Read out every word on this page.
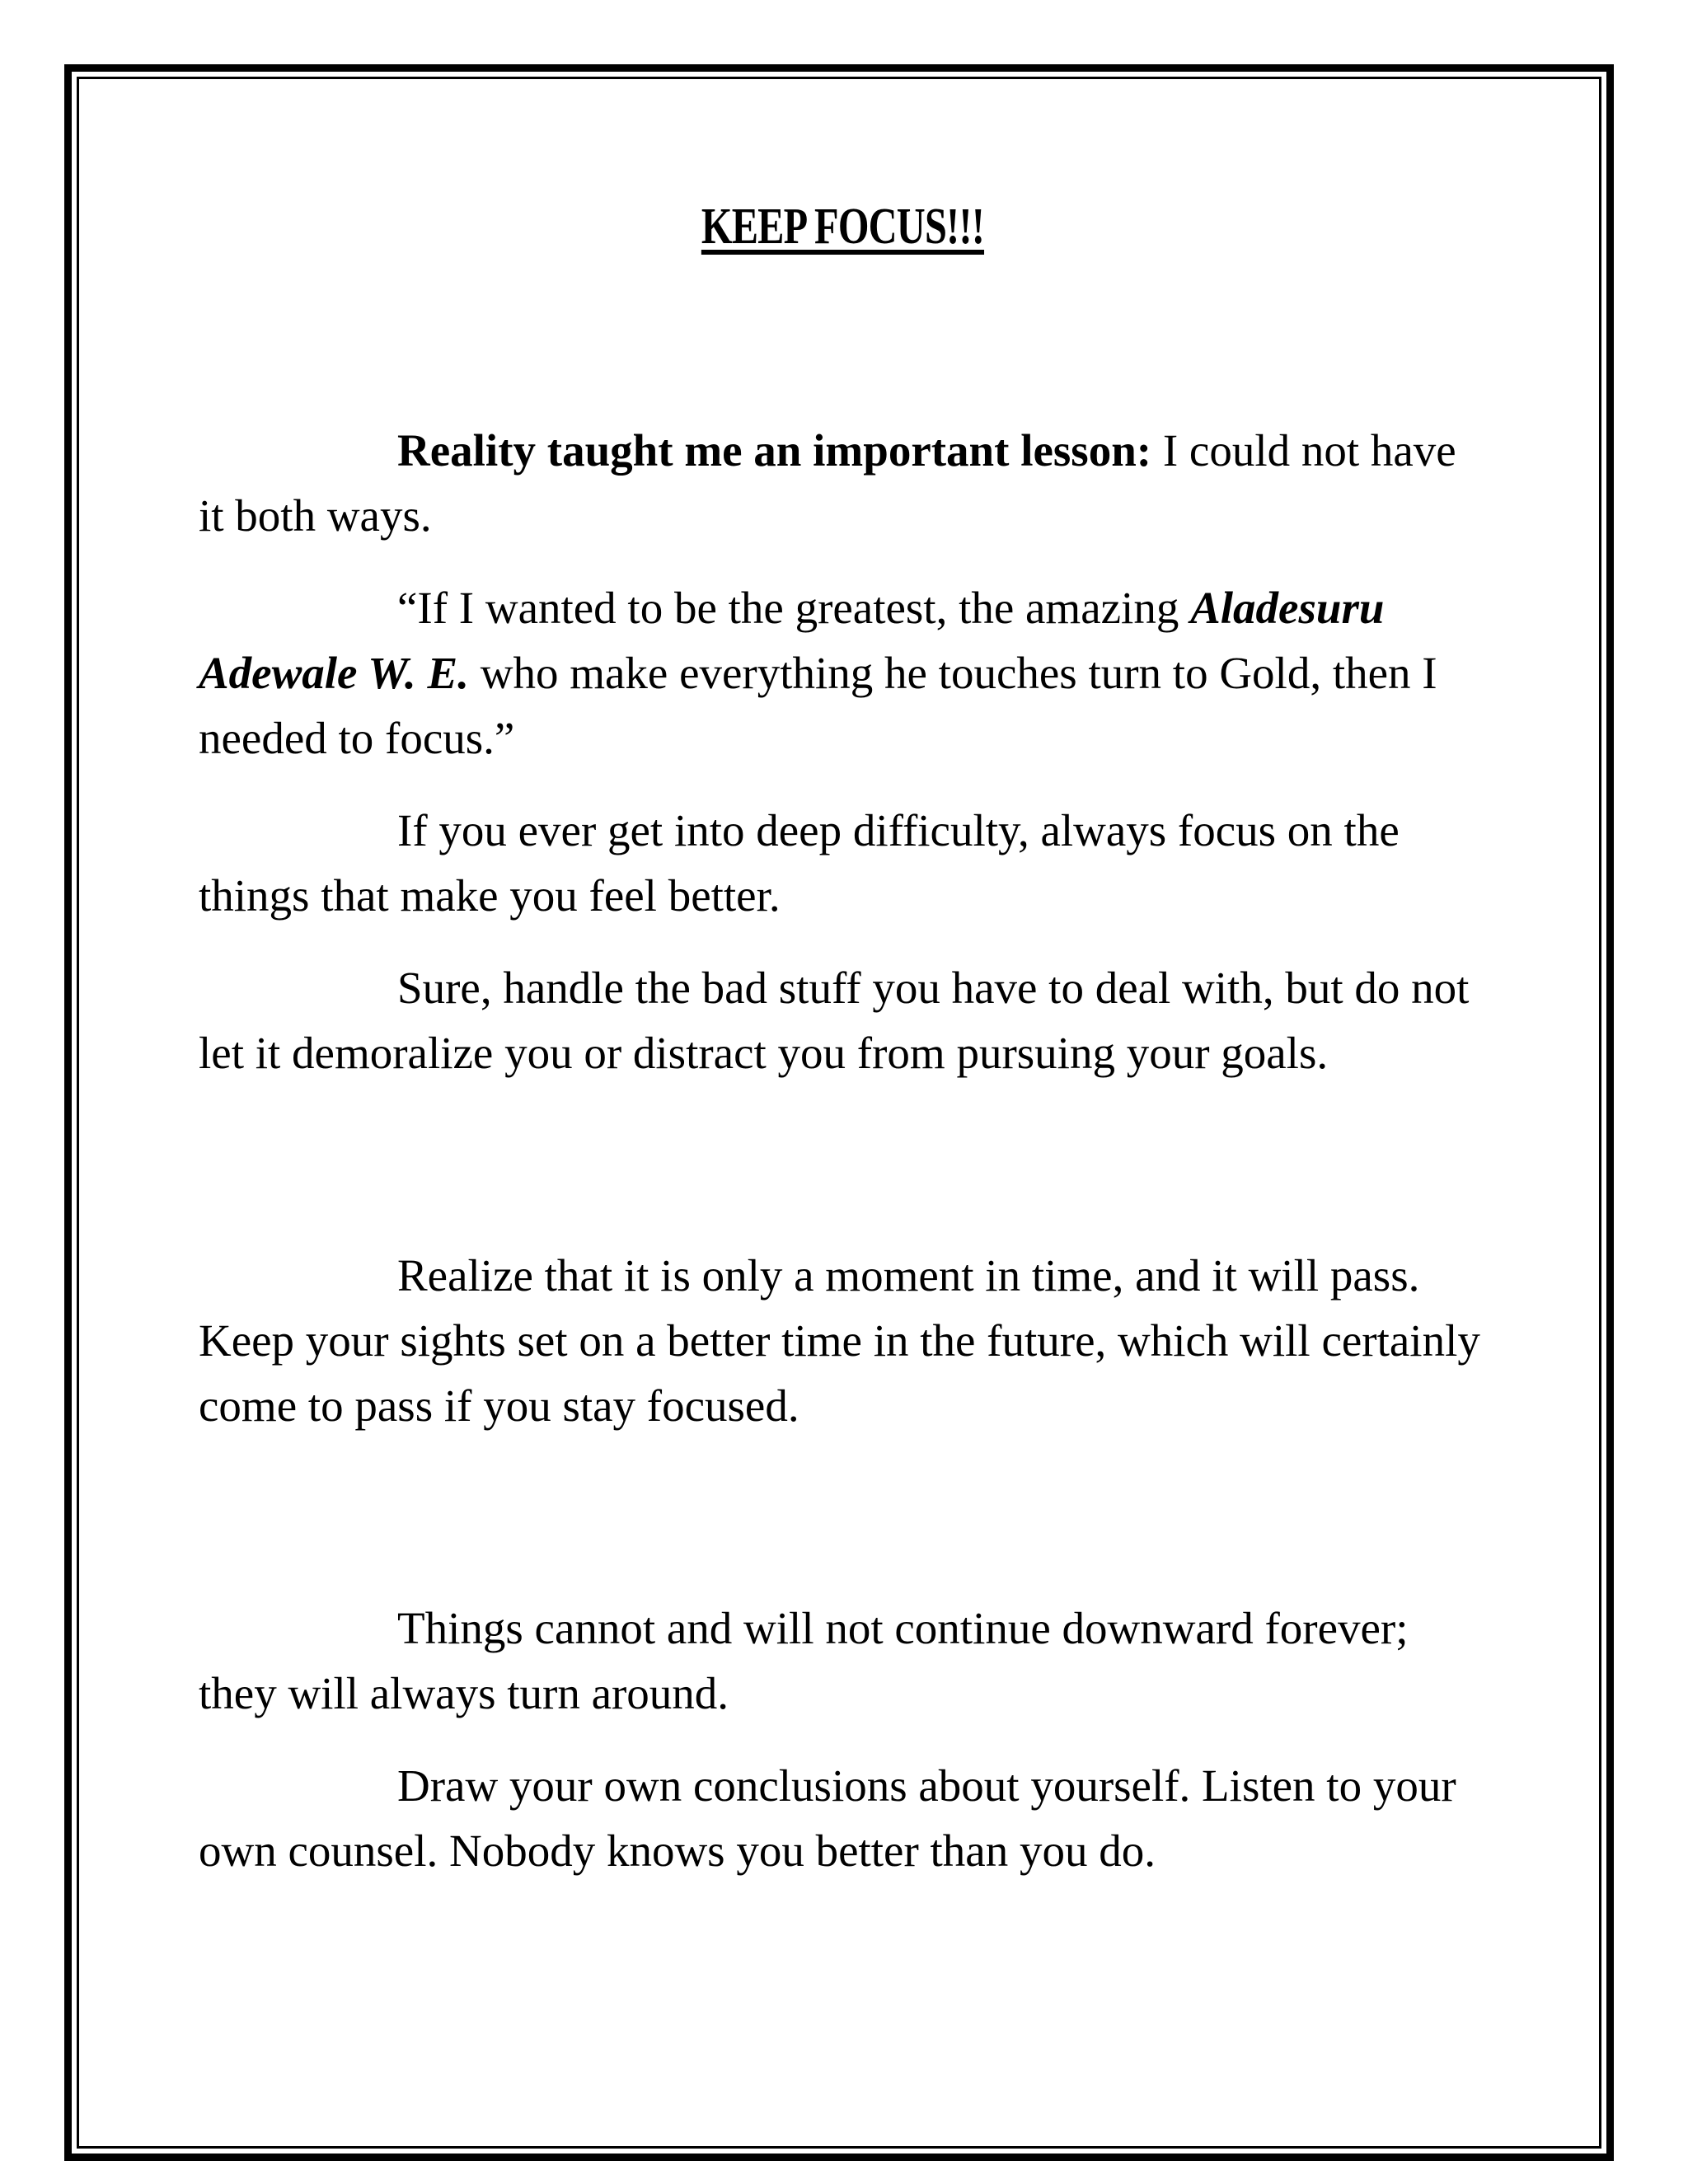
KEEP FOCUS!!!

Reality taught me an important lesson: I could not have it both ways.

“If I wanted to be the greatest, the amazing Aladesuru Adewale W. E. who make everything he touches turn to Gold, then I needed to focus.”

If you ever get into deep difficulty, always focus on the things that make you feel better.

Sure, handle the bad stuff you have to deal with, but do not let it demoralize you or distract you from pursuing your goals.

Realize that it is only a moment in time, and it will pass. Keep your sights set on a better time in the future, which will certainly come to pass if you stay focused.

Things cannot and will not continue downward forever; they will always turn around.

Draw your own conclusions about yourself. Listen to your own counsel. Nobody knows you better than you do.
